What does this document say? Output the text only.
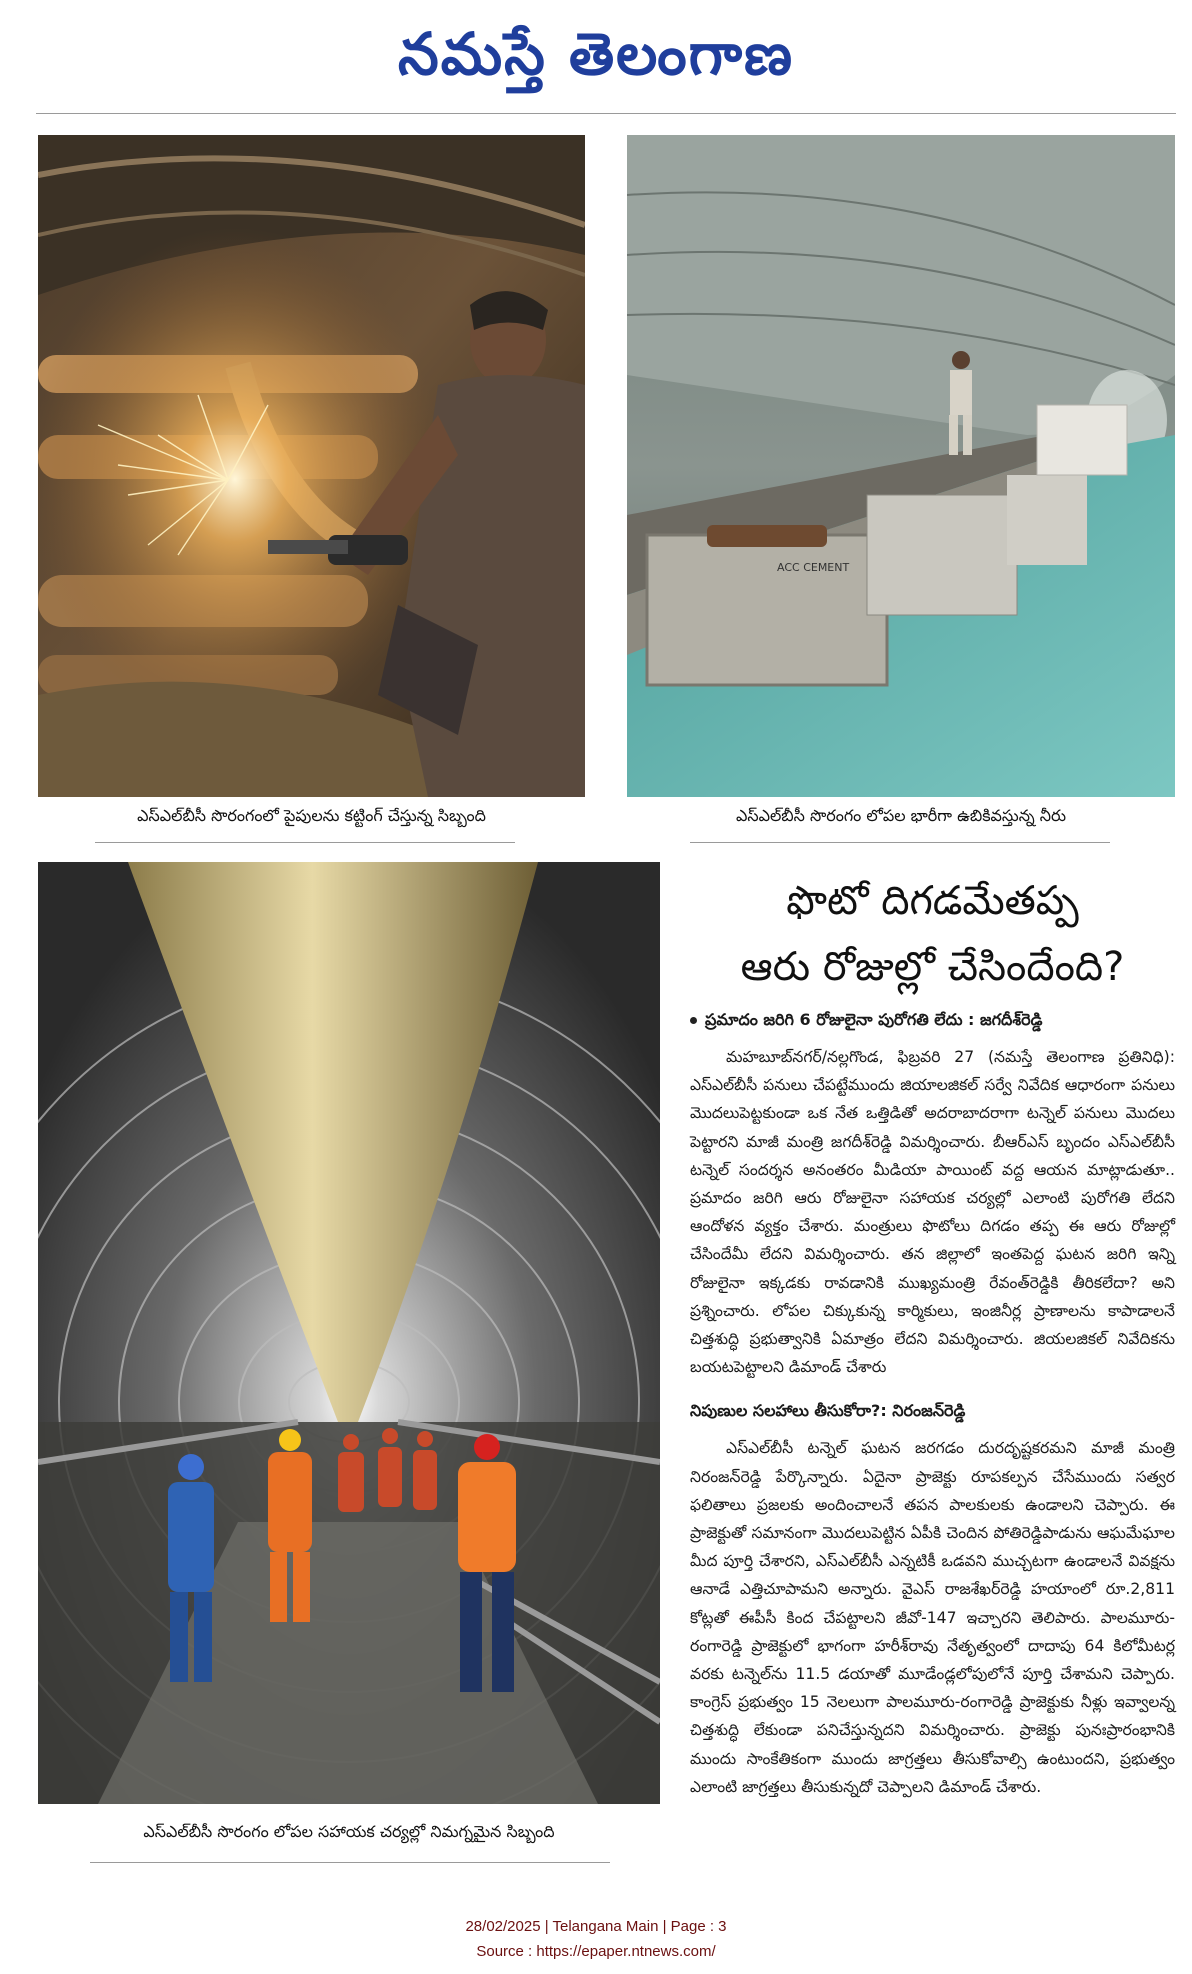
నమస్తే తెలంగాణ
ACC CEMENT
ఎస్‌ఎల్‌బీసీ సొరంగంలో పైపులను కట్టింగ్‌ చేస్తున్న సిబ్బంది	ఎస్‌ఎల్‌బీసీ సొరంగం లోపల భారీగా ఉబికివస్తున్న నీరు
ఎస్‌ఎల్‌బీసీ సొరంగం లోపల సహాయక చర్యల్లో నిమగ్నమైన సిబ్బంది
ఫొటో దిగడమేతప్ప
ఆరు రోజుల్లో చేసిందేంది?
ప్రమాదం జరిగి 6 రోజులైనా పురోగతి లేదు : జగదీశ్‌రెడ్డి

మహబూబ్‌నగర్‌/నల్లగొండ, ఫిబ్రవరి 27 (నమస్తే తెలంగాణ ప్రతినిధి): ఎస్‌ఎల్‌బీసీ పనులు చేపట్టేముందు జియాలజికల్‌ సర్వే నివేదిక ఆధారంగా పనులు మొదలుపెట్టకుండా ఒక నేత ఒత్తిడితో అదరాబాదరాగా టన్నెల్‌ పనులు మొదలు పెట్టారని మాజీ మంత్రి జగదీశ్‌రెడ్డి విమర్శించారు. బీఆర్‌ఎస్‌ బృందం ఎస్‌ఎల్‌బీసీ టన్నెల్‌ సందర్శన అనంతరం మీడియా పాయింట్‌ వద్ద ఆయన మాట్లాడుతూ.. ప్రమాదం జరిగి ఆరు రోజులైనా సహాయక చర్యల్లో ఎలాంటి పురోగతి లేదని ఆందోళన వ్యక్తం చేశారు. మంత్రులు ఫొటోలు దిగడం తప్ప ఈ ఆరు రోజుల్లో చేసిందేమీ లేదని విమర్శించారు. తన జిల్లాలో ఇంతపెద్ద ఘటన జరిగి ఇన్ని రోజులైనా ఇక్కడకు రావడానికి ముఖ్యమంత్రి రేవంత్‌రెడ్డికి తీరికలేదా? అని ప్రశ్నించారు. లోపల చిక్కుకున్న కార్మికులు, ఇంజినీర్ల ప్రాణాలను కాపాడాలనే చిత్తశుద్ధి ప్రభుత్వానికి ఏమాత్రం లేదని విమర్శించారు. జియలజికల్‌ నివేదికను బయటపెట్టాలని డిమాండ్‌ చేశారు

నిపుణుల సలహాలు తీసుకోరా?: నిరంజన్‌రెడ్డి

ఎస్‌ఎల్‌బీసీ టన్నెల్‌ ఘటన జరగడం దురదృష్టకరమని మాజీ మంత్రి నిరంజన్‌రెడ్డి పేర్కొన్నారు. ఏదైనా ప్రాజెక్టు రూపకల్పన చేసేముందు సత్వర ఫలితాలు ప్రజలకు అందించాలనే తపన పాలకులకు ఉండాలని చెప్పారు. ఈ ప్రాజెక్టుతో సమానంగా మొదలుపెట్టిన ఏపీకి చెందిన పోతిరెడ్డిపాడును ఆఘమేఘాల మీద పూర్తి చేశారని, ఎస్‌ఎల్‌బీసీ ఎన్నటికీ ఒడవని ముచ్చటగా ఉండాలనే వివక్షను ఆనాడే ఎత్తిచూపామని అన్నారు. వైఎస్‌ రాజశేఖర్‌రెడ్డి హయాంలో రూ.2,811 కోట్లతో ఈపీసీ కింద చేపట్టాలని జీవో-147 ఇచ్చారని తెలిపారు. పాలమూరు-రంగారెడ్డి ప్రాజెక్టులో భాగంగా హరీశ్‌రావు నేతృత్వంలో దాదాపు 64 కిలోమీటర్ల వరకు టన్నెల్‌ను 11.5 డయాతో మూడేండ్లలోపులోనే పూర్తి చేశామని చెప్పారు. కాంగ్రెస్‌ ప్రభుత్వం 15 నెలలుగా పాలమూరు-రంగారెడ్డి ప్రాజెక్టుకు నీళ్లు ఇవ్వాలన్న చిత్తశుద్ధి లేకుండా పనిచేస్తున్నదని విమర్శించారు. ప్రాజెక్టు పునఃప్రారంభానికి ముందు సాంకేతికంగా ముందు జాగ్రత్తలు తీసుకోవాల్సి ఉంటుందని, ప్రభుత్వం ఎలాంటి జాగ్రత్తలు తీసుకున్నదో చెప్పాలని డిమాండ్‌ చేశారు.

28/02/2025 | Telangana Main | Page : 3
Source : https://epaper.ntnews.com/
